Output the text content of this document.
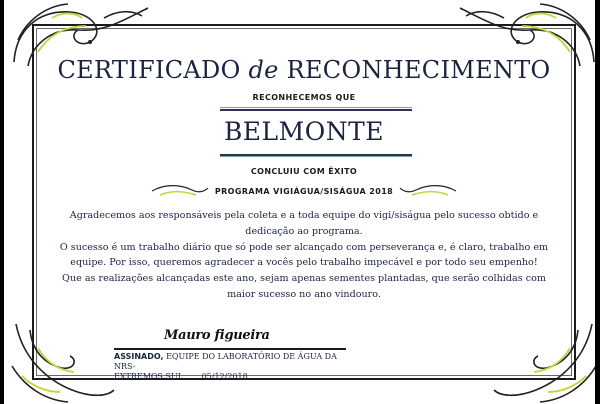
CERTIFICADO de RECONHECIMENTO
RECONHECEMOS QUE
BELMONTE
CONCLUIU COM ÊXITO
PROGRAMA VIGIÁGUA/SISÁGUA 2018

Agradecemos aos responsáveis pela coleta e a toda equipe do vigi/siságua pelo sucesso obtido e

dedicação ao programa.

O sucesso é um trabalho diário que só pode ser alcançado com perseverança e, é claro, trabalho em

equipe. Por isso, queremos agradecer a vocês pelo trabalho impecável e por todo seu empenho!

Que as realizações alcançadas este ano, sejam apenas sementes plantadas, que serão colhidas com

maior sucesso no ano vindouro.

Mauro figueira
ASSINADO, EQUIPE DO LABORATÓRIO DE ÁGUA DA NRS-
EXTREMOS SUL 05/12/2018
